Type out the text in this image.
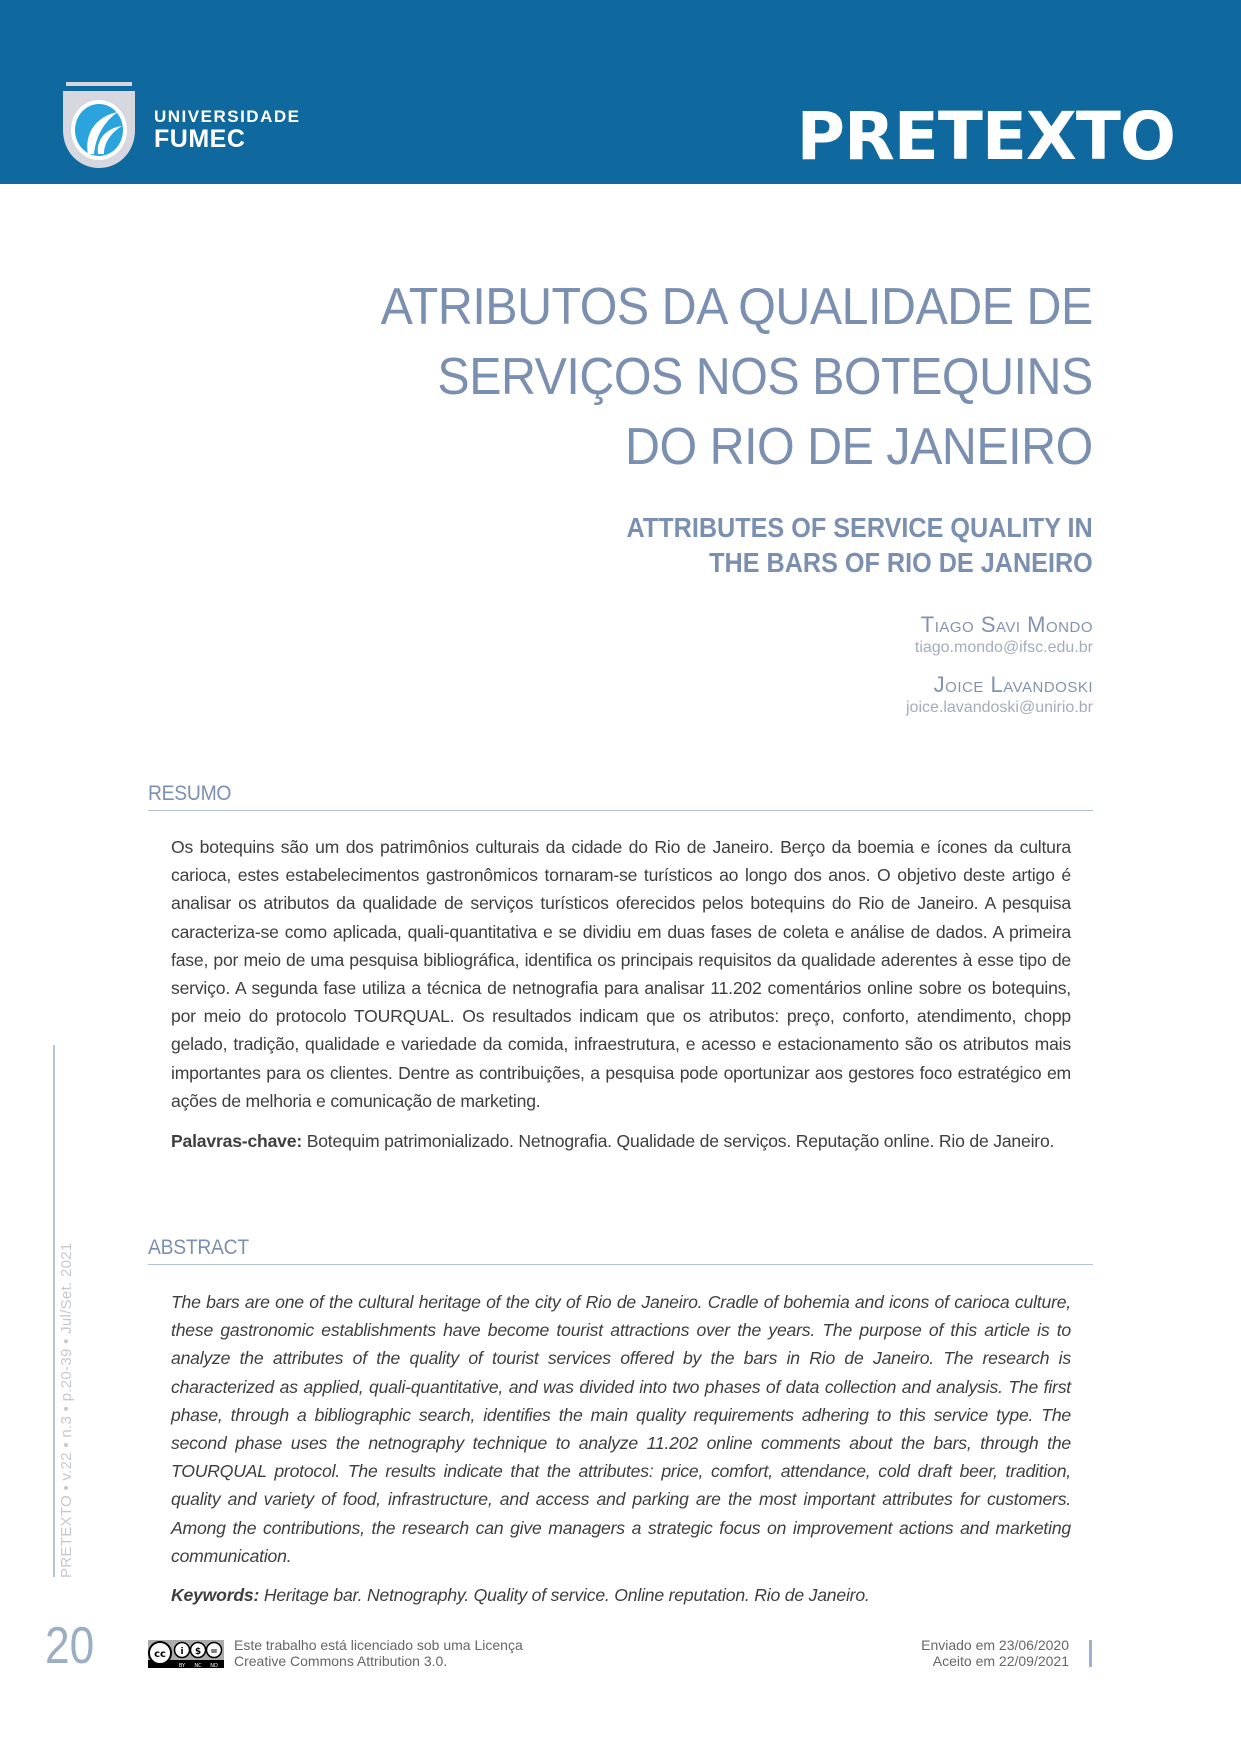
UNIVERSIDADE
FUMEC	PRETEXTO
ATRIBUTOS DA QUALIDADE DE
SERVIÇOS NOS BOTEQUINS
DO RIO DE JANEIRO
ATTRIBUTES OF SERVICE QUALITY IN
THE BARS OF RIO DE JANEIRO
Tiago Savi Mondo
tiago.mondo@ifsc.edu.br
Joice Lavandoski
joice.lavandoski@unirio.br
RESUMO

Os botequins são um dos patrimônios culturais da cidade do Rio de Janeiro. Berço da boemia e ícones da cultura carioca, estes estabelecimentos gastronômicos tornaram-se turísticos ao longo dos anos. O objetivo deste artigo é analisar os atributos da qualidade de serviços turísticos oferecidos pelos botequins do Rio de Janeiro. A pesquisa caracteriza-se como aplicada, quali-quantitativa e se dividiu em duas fases de coleta e análise de dados. A primeira fase, por meio de uma pesquisa bibliográfica, identifica os principais requisitos da qualidade aderentes à esse tipo de serviço. A segunda fase utiliza a técnica de netnografia para analisar 11.202 comentários online sobre os botequins, por meio do protocolo TOURQUAL. Os resultados indicam que os atributos: preço, conforto, atendimento, chopp gelado, tradição, qualidade e variedade da comida, infraestrutura, e acesso e estacionamento são os atributos mais importantes para os clientes. Dentre as contribuições, a pesquisa pode oportunizar aos gestores foco estratégico em ações de melhoria e comunicação de marketing.

Palavras-chave: Botequim patrimonializado. Netnografia. Qualidade de serviços. Reputação online. Rio de Janeiro.

ABSTRACT

The bars are one of the cultural heritage of the city of Rio de Janeiro. Cradle of bohemia and icons of carioca culture, these gastronomic establishments have become tourist attractions over the years. The purpose of this article is to analyze the attributes of the quality of tourist services offered by the bars in Rio de Janeiro. The research is characterized as applied, quali-quantitative, and was divided into two phases of data collection and analysis. The first phase, through a bibliographic search, identifies the main quality requirements adhering to this service type. The second phase uses the netnography technique to analyze 11.202 online comments about the bars, through the TOURQUAL protocol. The results indicate that the attributes: price, comfort, attendance, cold draft beer, tradition, quality and variety of food, infrastructure, and access and parking are the most important attributes for customers. Among the contributions, the research can give managers a strategic focus on improvement actions and marketing communication.

Keywords: Heritage bar. Netnography. Quality of service. Online reputation. Rio de Janeiro.

PRETEXTO • v.22 • n.3 • p.20-39 • Jul/Set. 2021
20	cc i $ =
BY NC ND
Este trabalho está licenciado sob uma Licença
Creative Commons Attribution 3.0.
Enviado em 23/06/2020
Aceito em 22/09/2021
